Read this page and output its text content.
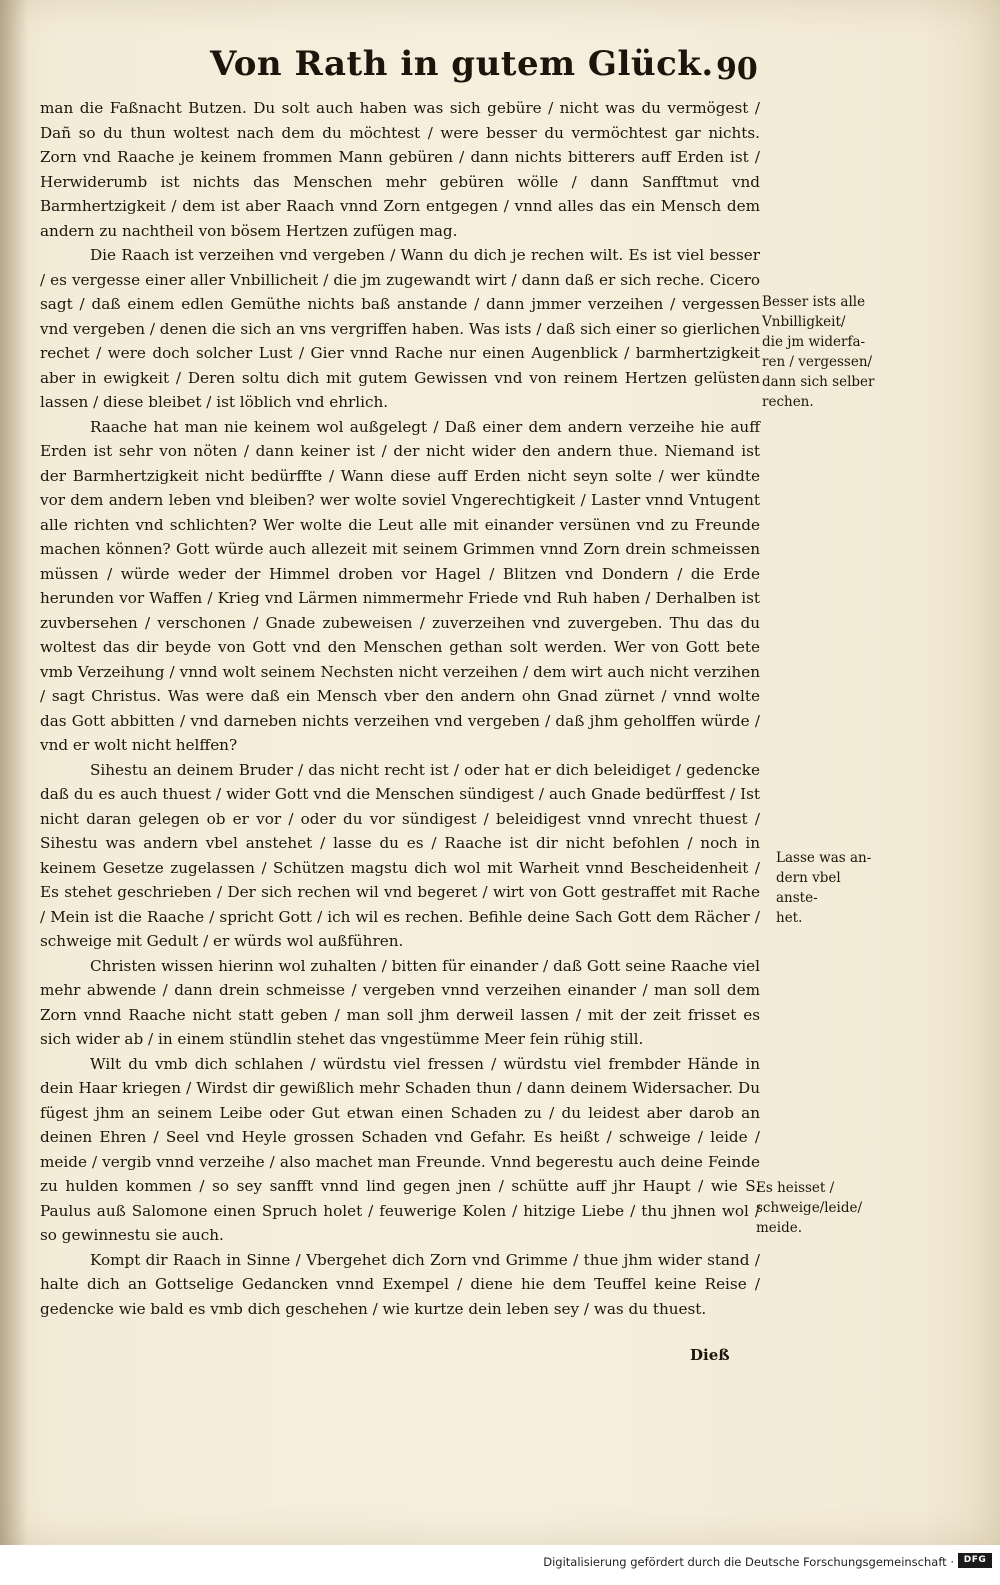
Von Rath in gutem Glück. 90

man die Faßnacht Butzen. Du solt auch haben was sich gebüre / nicht was du vermögest / Dañ so du thun woltest nach dem du möchtest / were besser du vermöchtest gar nichts. Zorn vnd Raache je keinem frommen Mann gebüren / dann nichts bitterers auff Erden ist / Herwiderumb ist nichts das Menschen mehr gebüren wölle / dann Sanfftmut vnd Barmhertzigkeit / dem ist aber Raach vnnd Zorn entgegen / vnnd alles das ein Mensch dem andern zu nachtheil von bösem Hertzen zufügen mag.

Die Raach ist verzeihen vnd vergeben / Wann du dich je rechen wilt. Es ist viel besser / es vergesse einer aller Vnbillicheit / die jm zugewandt wirt / dann daß er sich reche. Cicero sagt / daß einem edlen Gemüthe nichts baß anstande / dann jmmer verzeihen / vergessen vnd vergeben / denen die sich an vns vergriffen haben. Was ists / daß sich einer so gierlichen rechet / were doch solcher Lust / Gier vnnd Rache nur einen Augenblick / barmhertzigkeit aber in ewigkeit / Deren soltu dich mit gutem Gewissen vnd von reinem Hertzen gelüsten lassen / diese bleibet / ist löblich vnd ehrlich.

Raache hat man nie keinem wol außgelegt / Daß einer dem andern verzeihe hie auff Erden ist sehr von nöten / dann keiner ist / der nicht wider den andern thue. Niemand ist der Barmhertzigkeit nicht bedürffte / Wann diese auff Erden nicht seyn solte / wer kündte vor dem andern leben vnd bleiben? wer wolte soviel Vngerechtigkeit / Laster vnnd Vntugent alle richten vnd schlichten? Wer wolte die Leut alle mit einander versünen vnd zu Freunde machen können? Gott würde auch allezeit mit seinem Grimmen vnnd Zorn drein schmeissen müssen / würde weder der Himmel droben vor Hagel / Blitzen vnd Dondern / die Erde herunden vor Waffen / Krieg vnd Lärmen nimmermehr Friede vnd Ruh haben / Derhalben ist zuvbersehen / verschonen / Gnade zubeweisen / zuverzeihen vnd zuvergeben. Thu das du woltest das dir beyde von Gott vnd den Menschen gethan solt werden. Wer von Gott bete vmb Verzeihung / vnnd wolt seinem Nechsten nicht verzeihen / dem wirt auch nicht verzihen / sagt Christus. Was were daß ein Mensch vber den andern ohn Gnad zürnet / vnnd wolte das Gott abbitten / vnd darneben nichts verzeihen vnd vergeben / daß jhm geholffen würde / vnd er wolt nicht helffen?

Sihestu an deinem Bruder / das nicht recht ist / oder hat er dich beleidiget / gedencke daß du es auch thuest / wider Gott vnd die Menschen sündigest / auch Gnade bedürffest / Ist nicht daran gelegen ob er vor / oder du vor sündigest / beleidigest vnnd vnrecht thuest / Sihestu was andern vbel anstehet / lasse du es / Raache ist dir nicht befohlen / noch in keinem Gesetze zugelassen / Schützen magstu dich wol mit Warheit vnnd Bescheidenheit / Es stehet geschrieben / Der sich rechen wil vnd begeret / wirt von Gott gestraffet mit Rache / Mein ist die Raache / spricht Gott / ich wil es rechen. Befihle deine Sach Gott dem Rächer / schweige mit Gedult / er würds wol außführen.

Christen wissen hierinn wol zuhalten / bitten für einander / daß Gott seine Raache viel mehr abwende / dann drein schmeisse / vergeben vnnd verzeihen einander / man soll dem Zorn vnnd Raache nicht statt geben / man soll jhm derweil lassen / mit der zeit frisset es sich wider ab / in einem stündlin stehet das vngestümme Meer fein rühig still.

Wilt du vmb dich schlahen / würdstu viel fressen / würdstu viel frembder Hände in dein Haar kriegen / Wirdst dir gewißlich mehr Schaden thun / dann deinem Widersacher. Du fügest jhm an seinem Leibe oder Gut etwan einen Schaden zu / du leidest aber darob an deinen Ehren / Seel vnd Heyle grossen Schaden vnd Gefahr. Es heißt / schweige / leide / meide / vergib vnnd verzeihe / also machet man Freunde. Vnnd begerestu auch deine Feinde zu hulden kommen / so sey sanfft vnnd lind gegen jnen / schütte auff jhr Haupt / wie S. Paulus auß Salomone einen Spruch holet / feuwerige Kolen / hitzige Liebe / thu jhnen wol / so gewinnestu sie auch.

Kompt dir Raach in Sinne / Vbergehet dich Zorn vnd Grimme / thue jhm wider stand / halte dich an Gottselige Gedancken vnnd Exempel / diene hie dem Teuffel keine Reise / gedencke wie bald es vmb dich geschehen / wie kurtze dein leben sey / was du thuest.

Dieß
Besser ists alle
Vnbilligkeit/
die jm widerfa-
ren / vergessen/
dann sich selber
rechen.
Lasse was an-
dern vbel anste-
het.
Es heisset /
schweige/leide/
meide.
Digitalisierung gefördert durch die Deutsche Forschungsgemeinschaft ·	DFG
